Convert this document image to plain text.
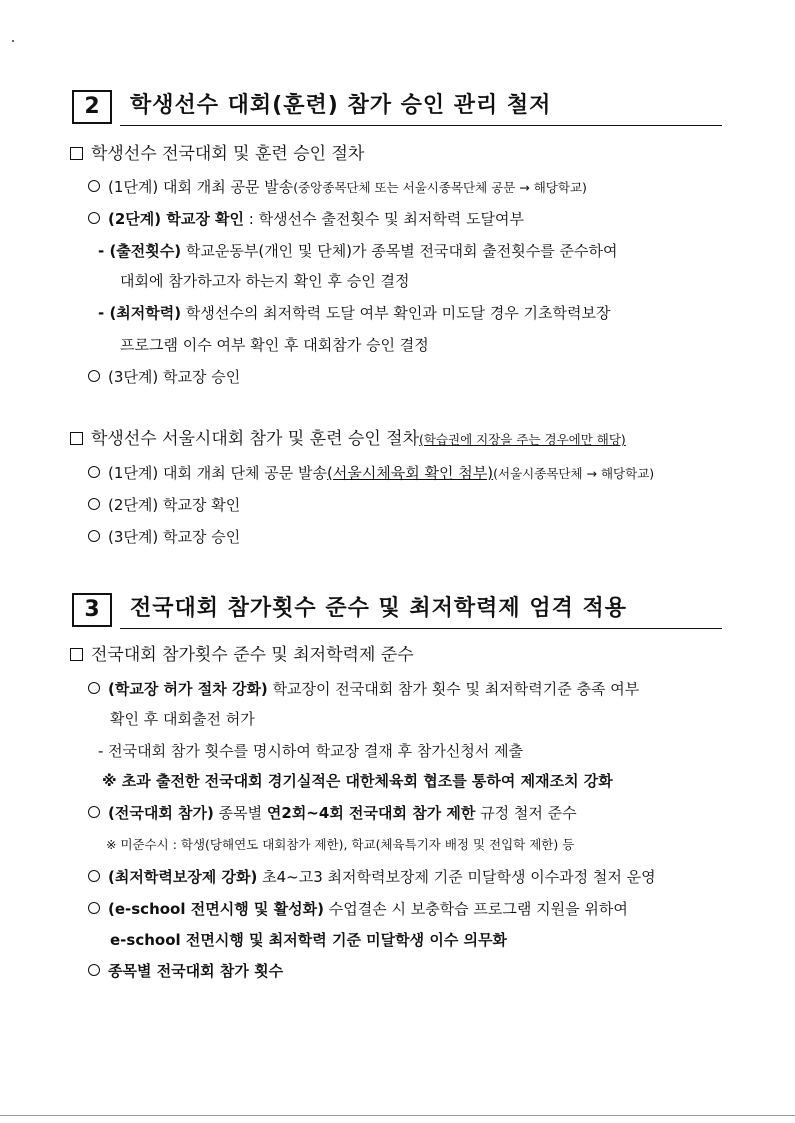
2	학생선수 대회(훈련) 참가 승인 관리 철저
학생선수 전국대회 및 훈련 승인 절차
(1단계) 대회 개최 공문 발송(중앙종목단체 또는 서울시종목단체 공문 → 해당학교)
(2단계) 학교장 확인 : 학생선수 출전횟수 및 최저학력 도달여부
- (출전횟수) 학교운동부(개인 및 단체)가 종목별 전국대회 출전횟수를 준수하여
대회에 참가하고자 하는지 확인 후 승인 결정
- (최저학력) 학생선수의 최저학력 도달 여부 확인과 미도달 경우 기초학력보장
프로그램 이수 여부 확인 후 대회참가 승인 결정
(3단계) 학교장 승인
학생선수 서울시대회 참가 및 훈련 승인 절차(학습권에 지장을 주는 경우에만 해당)
(1단계) 대회 개최 단체 공문 발송(서울시체육회 확인 첨부)(서울시종목단체 → 해당학교)
(2단계) 학교장 확인
(3단계) 학교장 승인
3	전국대회 참가횟수 준수 및 최저학력제 엄격 적용
전국대회 참가횟수 준수 및 최저학력제 준수
(학교장 허가 절차 강화) 학교장이 전국대회 참가 횟수 및 최저학력기준 충족 여부
확인 후 대회출전 허가
- 전국대회 참가 횟수를 명시하여 학교장 결재 후 참가신청서 제출
※ 초과 출전한 전국대회 경기실적은 대한체육회 협조를 통하여 제재조치 강화
(전국대회 참가) 종목별 연2회~4회 전국대회 참가 제한 규정 철저 준수
※ 미준수시 : 학생(당해연도 대회참가 제한), 학교(체육특기자 배정 및 전입학 제한) 등
(최저학력보장제 강화) 초4~고3 최저학력보장제 기준 미달학생 이수과정 철저 운영
(e-school 전면시행 및 활성화) 수업결손 시 보충학습 프로그램 지원을 위하여
e-school 전면시행 및 최저학력 기준 미달학생 이수 의무화
종목별 전국대회 참가 횟수
